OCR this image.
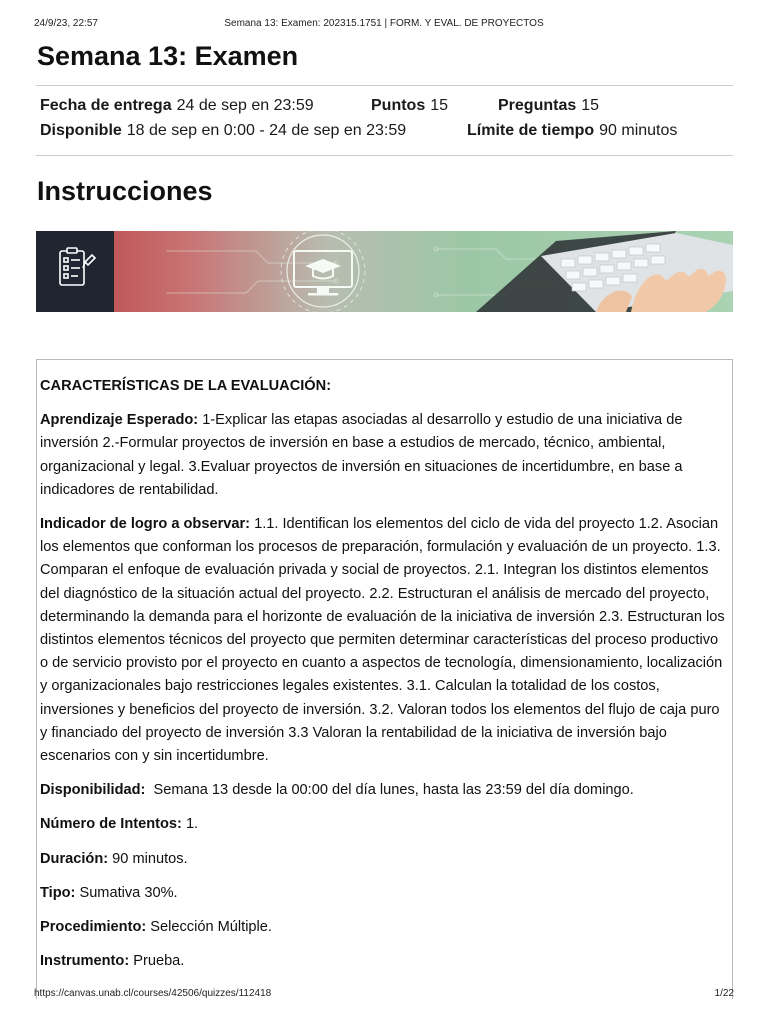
24/9/23, 22:57	Semana 13: Examen: 202315.1751 | FORM. Y EVAL. DE PROYECTOS
Semana 13: Examen
Fecha de entrega 24 de sep en 23:59	Puntos 15	Preguntas 15
Disponible 18 de sep en 0:00 - 24 de sep en 23:59	Límite de tiempo 90 minutos
Instrucciones

CARACTERÍSTICAS DE LA EVALUACIÓN:

Aprendizaje Esperado: 1-Explicar las etapas asociadas al desarrollo y estudio de una iniciativa de inversión 2.-Formular proyectos de inversión en base a estudios de mercado, técnico, ambiental, organizacional y legal. 3.Evaluar proyectos de inversión en situaciones de incertidumbre, en base a indicadores de rentabilidad.

Indicador de logro a observar: 1.1. Identifican los elementos del ciclo de vida del proyecto 1.2. Asocian los elementos que conforman los procesos de preparación, formulación y evaluación de un proyecto. 1.3. Comparan el enfoque de evaluación privada y social de proyectos. 2.1. Integran los distintos elementos del diagnóstico de la situación actual del proyecto. 2.2. Estructuran el análisis de mercado del proyecto, determinando la demanda para el horizonte de evaluación de la iniciativa de inversión 2.3. Estructuran los distintos elementos técnicos del proyecto que permiten determinar características del proceso productivo o de servicio provisto por el proyecto en cuanto a aspectos de tecnología, dimensionamiento, localización y organizacionales bajo restricciones legales existentes. 3.1. Calculan la totalidad de los costos, inversiones y beneficios del proyecto de inversión. 3.2. Valoran todos los elementos del flujo de caja puro y financiado del proyecto de inversión 3.3 Valoran la rentabilidad de la iniciativa de inversión bajo escenarios con y sin incertidumbre.

Disponibilidad:  Semana 13 desde la 00:00 del día lunes, hasta las 23:59 del día domingo.

Número de Intentos: 1.

Duración: 90 minutos.

Tipo: Sumativa 30%.

Procedimiento: Selección Múltiple.

Instrumento: Prueba.

https://canvas.unab.cl/courses/42506/quizzes/112418	1/22
